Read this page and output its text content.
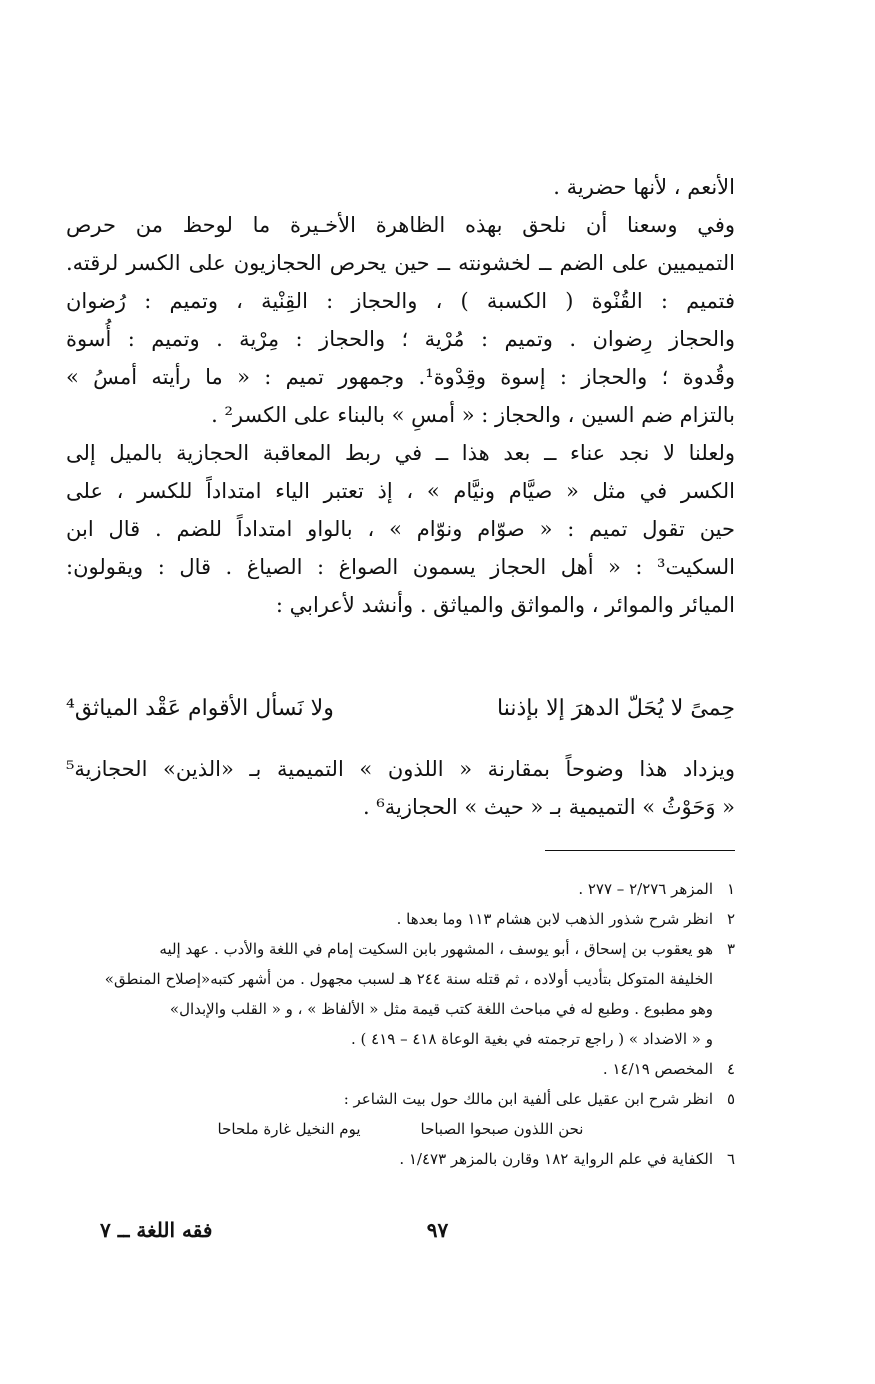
الأنعم ، لأنها حضرية .
وفي وسعنا أن نلحق بهذه الظاهرة الأخـيرة ما لوحظ من حرص
التميميين على الضم ــ لخشونته ــ حين يحرص الحجازيون على الكسر لرقته.
فتميم : القُنْوة ( الكسبة ) ، والحجاز : القِنْية ، وتميم : رُضوان
والحجاز رِضوان . وتميم : مُرْية ؛ والحجاز : مِرْية . وتميم : أُسوة
وقُدوة ؛ والحجاز : إسوة وقِدْوة¹. وجمهور تميم : « ما رأيته أمسُ »
بالتزام ضم السين ، والحجاز : « أمسِ » بالبناء على الكسر² .
ولعلنا لا نجد عناء ــ بعد هذا ــ في ربط المعاقبة الحجازية بالميل إلى
الكسر في مثل « صيَّام ونيَّام » ، إذ تعتبر الياء امتداداً للكسر ، على
حين تقول تميم : « صوّام ونوّام » ، بالواو امتداداً للضم . قال ابن
السكيت³ : « أهل الحجاز يسمون الصواغ : الصياغ . قال : ويقولون:
الميائر والموائر ، والمواثق والمياثق . وأنشد لأعرابي :
حِمىً لا يُحَلّ الدهرَ إلا بإذننا
ولا نَسأل الأقوام عَقْد المياثق⁴
ويزداد هذا وضوحاً بمقارنة « اللذون » التميمية بـ «الذين» الحجازية⁵
« وَحَوْثُ » التميمية بـ « حيث » الحجازية⁶ .
١
المزهر ٢/٢٧٦ – ٢٧٧ .
٢
انظر شرح شذور الذهب لابن هشام ١١٣ وما بعدها .
٣
هو يعقوب بن إسحاق ، أبو يوسف ، المشهور بابن السكيت إمام في اللغة والأدب . عهد إليه
الخليفة المتوكل بتأديب أولاده ، ثم قتله سنة ٢٤٤ هـ لسبب مجهول . من أشهر كتبه«إصلاح المنطق»
وهو مطبوع . وطبع له في مباحث اللغة كتب قيمة مثل « الألفاظ » ، و « القلب والإبدال»
و « الاضداد » ( راجع ترجمته في بغية الوعاة ٤١٨ – ٤١٩ ) .
٤
المخصص ١٤/١٩ .
٥
انظر شرح ابن عقيل على ألفية ابن مالك حول بيت الشاعر :
نحن اللذون صبحوا الصباحا
يوم النخيل غارة ملحاحا
٦
الكفاية في علم الرواية ١٨٢ وقارن بالمزهر ١/٤٧٣ .
٩٧
فقه اللغة ــ ٧
